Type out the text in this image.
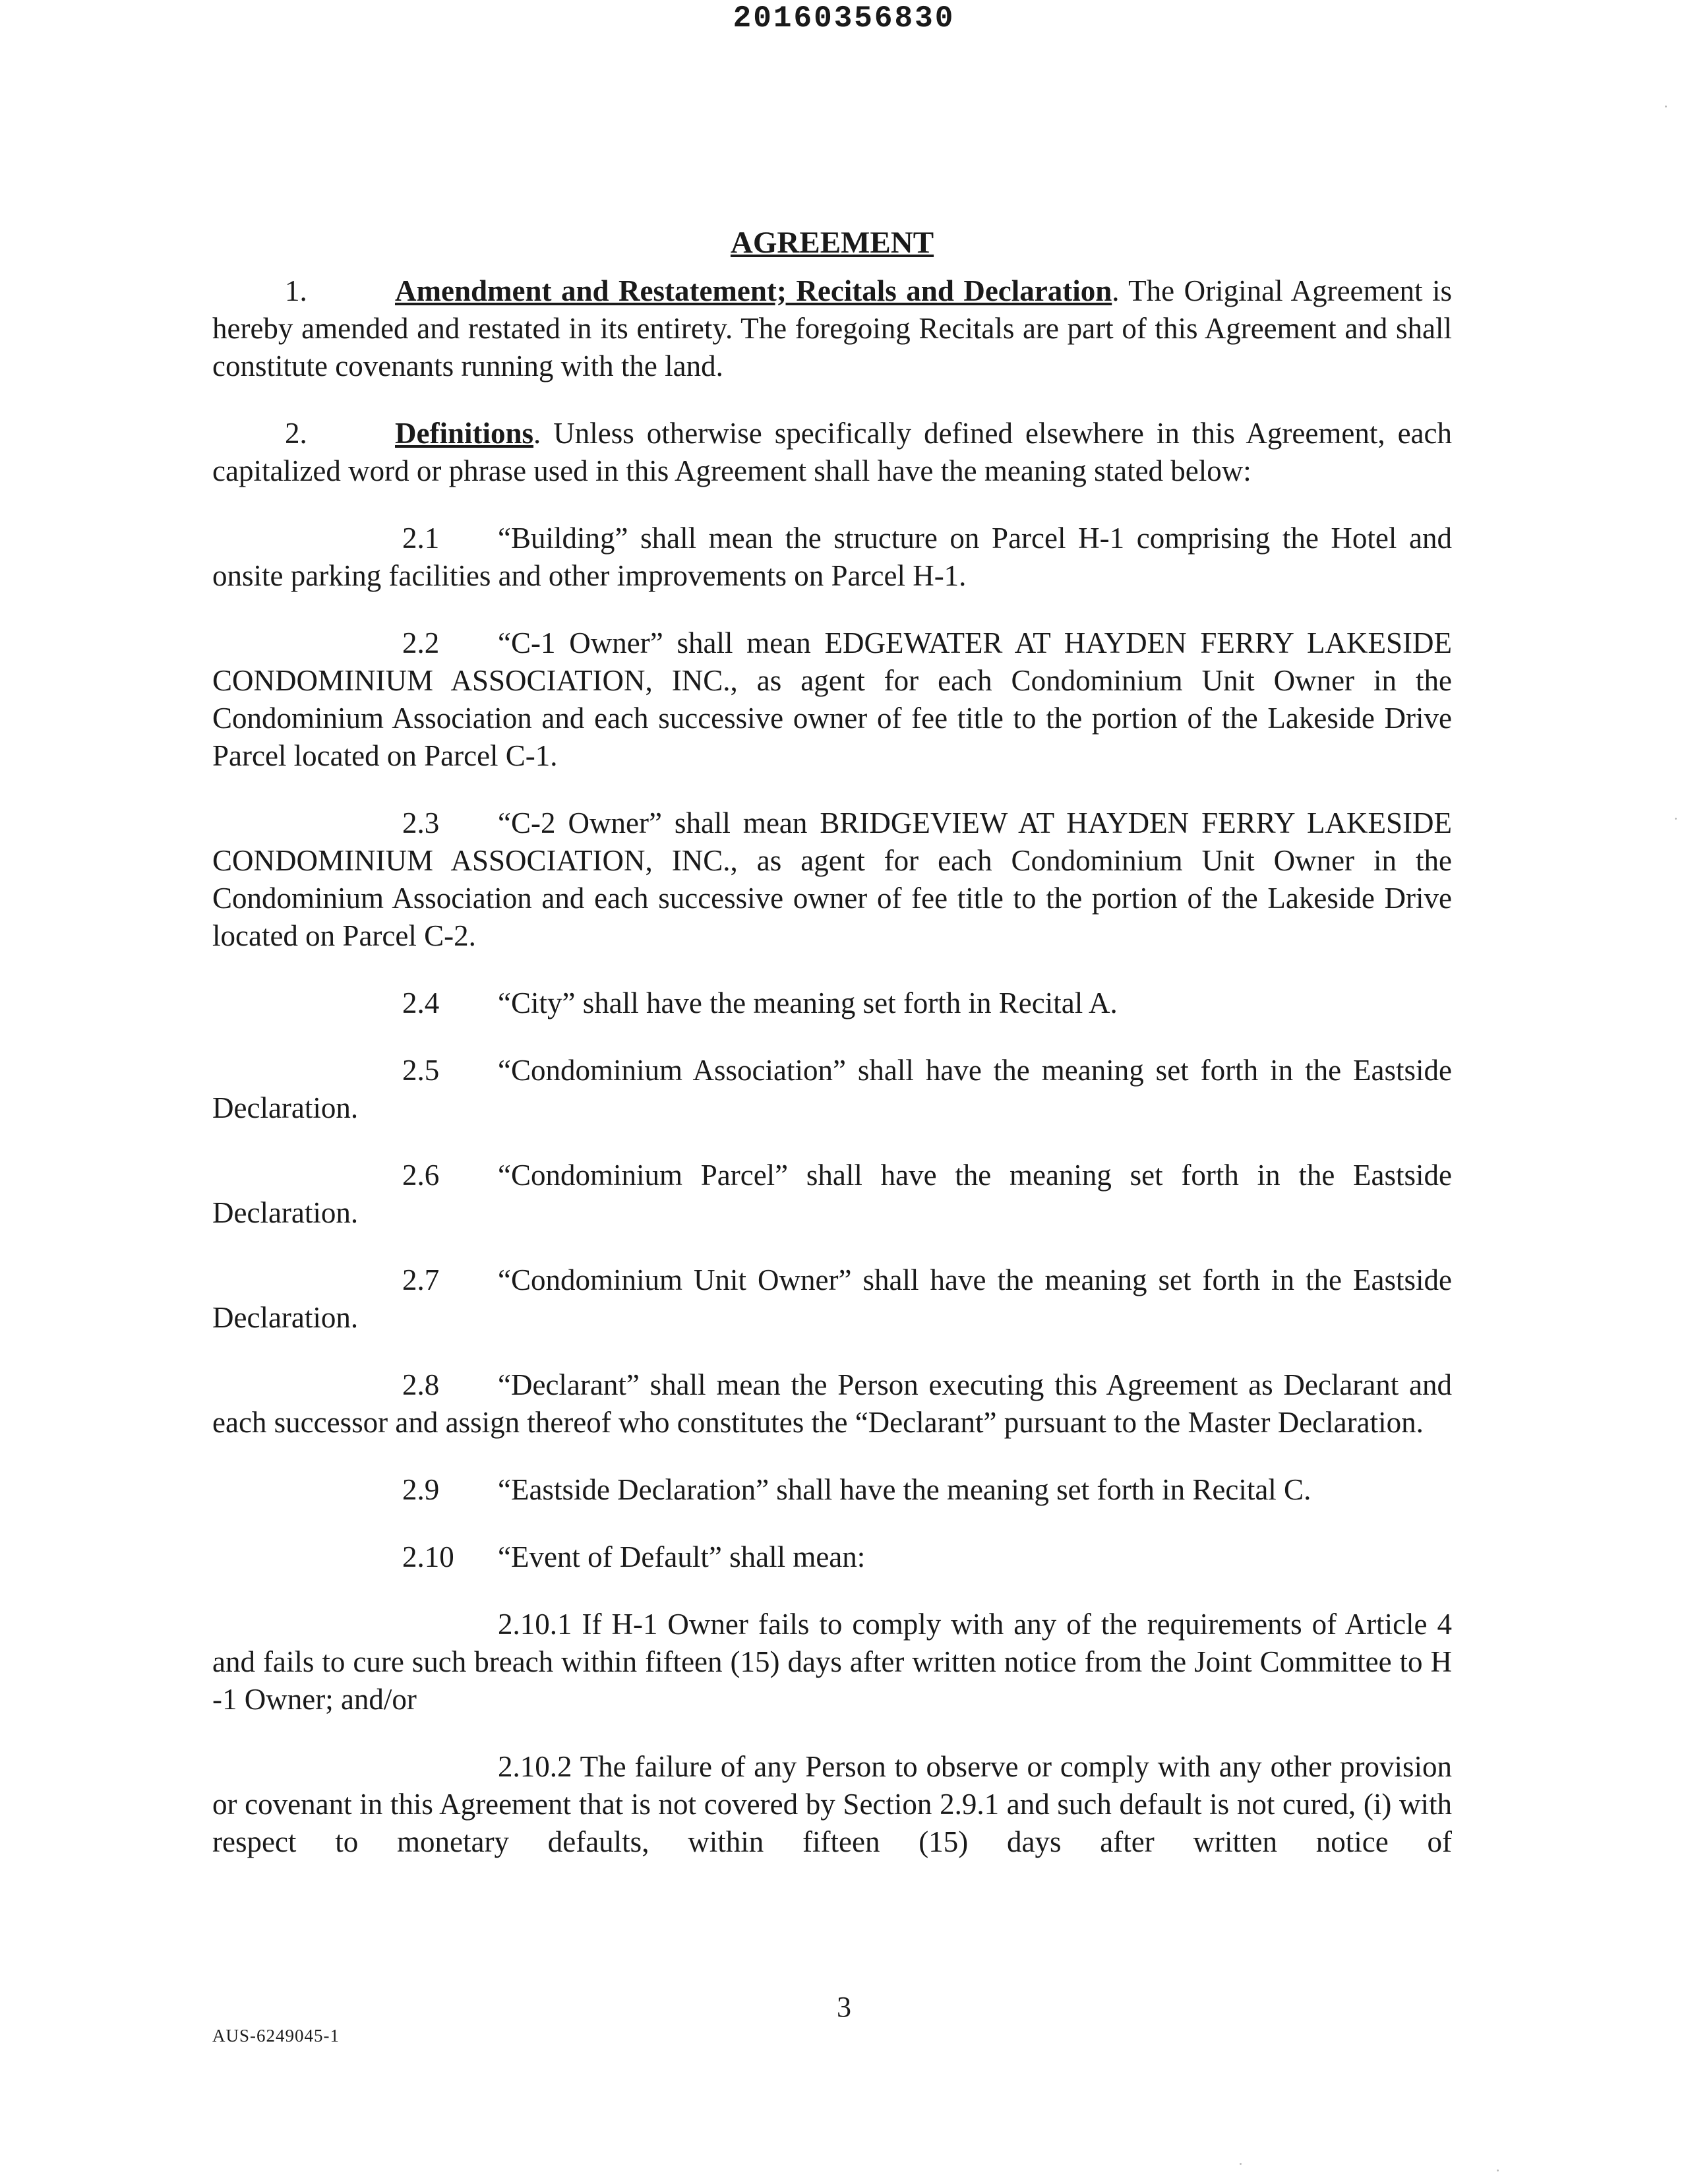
20160356830
AGREEMENT

1.	Amendment and Restatement; Recitals and Declaration. The Original Agreement is hereby amended and restated in its entirety. The foregoing Recitals are part of this Agreement and shall constitute covenants running with the land.

2.	Definitions. Unless otherwise specifically defined elsewhere in this Agreement, each capitalized word or phrase used in this Agreement shall have the meaning stated below:

2.1 “Building” shall mean the structure on Parcel H-1 comprising the Hotel and onsite parking facilities and other improvements on Parcel H-1.

2.2 “C-1 Owner” shall mean EDGEWATER AT HAYDEN FERRY LAKESIDE CONDOMINIUM ASSOCIATION, INC., as agent for each Condominium Unit Owner in the Condominium Association and each successive owner of fee title to the portion of the Lakeside Drive Parcel located on Parcel C-1.

2.3 “C-2 Owner” shall mean BRIDGEVIEW AT HAYDEN FERRY LAKESIDE CONDOMINIUM ASSOCIATION, INC., as agent for each Condominium Unit Owner in the Condominium Association and each successive owner of fee title to the portion of the Lakeside Drive located on Parcel C-2.

2.4 “City” shall have the meaning set forth in Recital A.

2.5 “Condominium Association” shall have the meaning set forth in the Eastside Declaration.

2.6 “Condominium Parcel” shall have the meaning set forth in the Eastside Declaration.

2.7 “Condominium Unit Owner” shall have the meaning set forth in the Eastside Declaration.

2.8 “Declarant” shall mean the Person executing this Agreement as Declarant and each successor and assign thereof who constitutes the “Declarant” pursuant to the Master Declaration.

2.9 “Eastside Declaration” shall have the meaning set forth in Recital C.

2.10 “Event of Default” shall mean:

2.10.1 If H-1 Owner fails to comply with any of the requirements of Article 4 and fails to cure such breach within fifteen (15) days after written notice from the Joint Committee to H -1 Owner; and/or

2.10.2 The failure of any Person to observe or comply with any other provision or covenant in this Agreement that is not covered by Section 2.9.1 and such default is not cured, (i) with respect to monetary defaults, within fifteen (15) days after written notice of

3
AUS-6249045-1
